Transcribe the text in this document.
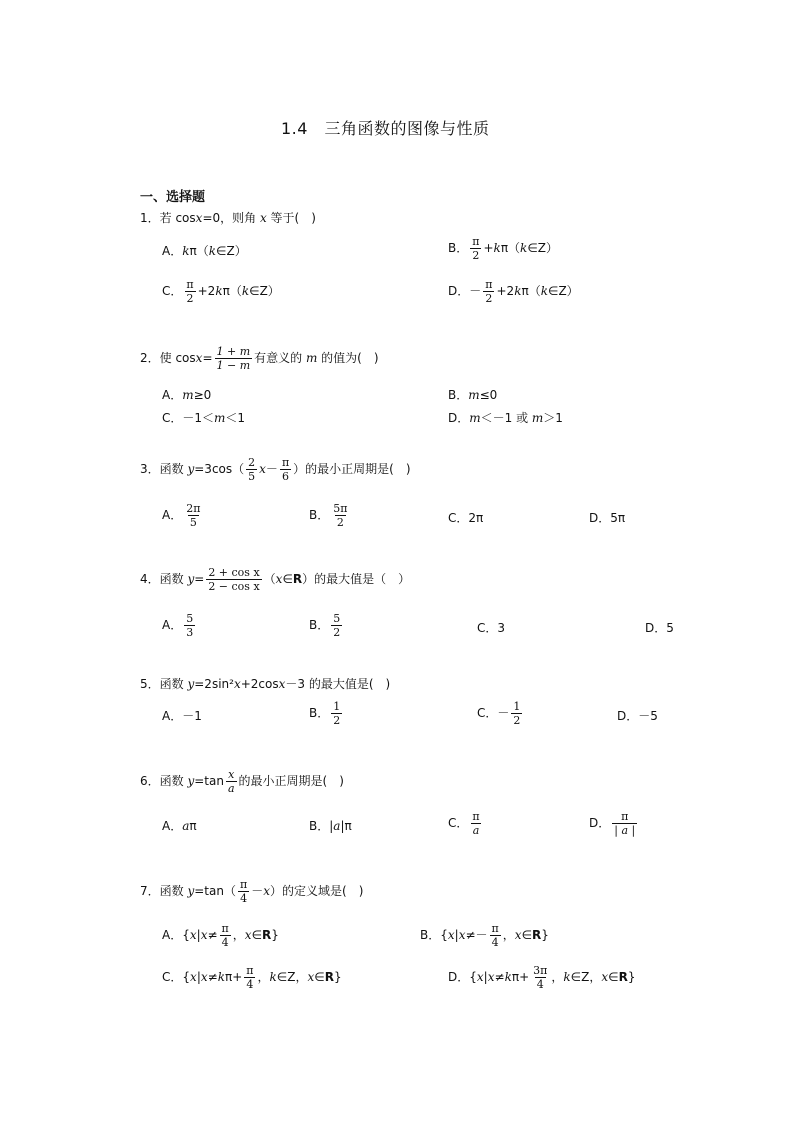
1.4　三角函数的图像与性质
一、选择题
1．若 cosx=0，则角 x 等于(　)
A．kπ（k∈Z）	B． $\frac{\pi}{2}$ +kπ（k∈Z）
C． $\frac{\pi}{2}$ +2kπ（k∈Z）	D．－ $\frac{\pi}{2}$ +2kπ（k∈Z）
2．使 $\cos x= \frac{1 + m}{1 - m}$ 有意义的 m 的值为(　)
A．m≥0	B．m≤0
C．－1＜m＜1	D．m＜－1 或 m＞1
3．函数 $y=3\cos( \frac{2}{5} x- \frac{\pi}{6}$ ）的最小正周期是(　)
A． $\frac{2\pi}{5}$	B． $\frac{5\pi}{2}$	C．2π	D．5π
4．函数 $y= \frac{\text{2 + cos x}}{\text{2 − cos x}}$ （x∈R）的最大值是（　）
A． $\frac{5}{3}$	B． $\frac{5}{2}$	C．3	D．5
5．函数 y=2sin²x+2cosx－3 的最大值是(　)
A．－1	B． $\frac{1}{2}$	C．－ $\frac{1}{2}$	D．－5
6．函数 $y=\tan \frac{x}{a}$ 的最小正周期是(　)
A．aπ	B．|a|π	C． $\frac{\pi}{a}$	D． $\frac{\pi}{| a |}$
7．函数 $y=\tan( \frac{\pi}{4} -x)$的定义域是(　)
A．{$x|x\ne \frac{\pi}{4}$ ，x∈R}	B．{$x|x\ne- \frac{\pi}{4}$ ，x∈R}
C．{$x|x\ne k\pi+ \frac{\pi}{4}$ ，k∈Z，x∈R}	D．{$x|x\ne k\pi+ \frac{3\pi}{4}$ ，k∈Z，x∈R}
